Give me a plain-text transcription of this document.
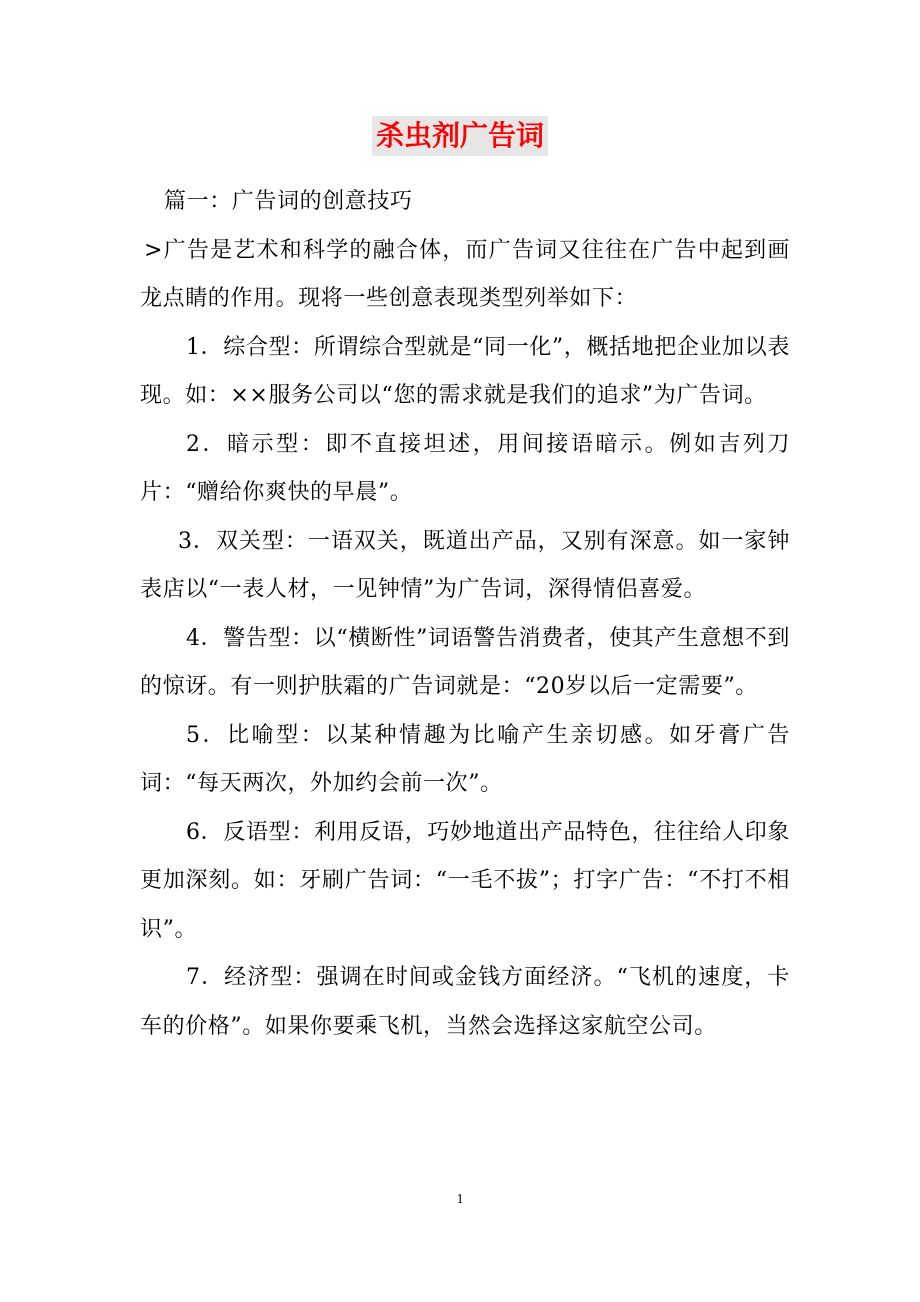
杀虫剂广告词

篇一：广告词的创意技巧

>广告是艺术和科学的融合体，而广告词又往往在广告中起到画龙点睛的作用。现将一些创意表现类型列举如下：

1．综合型：所谓综合型就是“同一化”，概括地把企业加以表现。如：××服务公司以“您的需求就是我们的追求”为广告词。

2．暗示型：即不直接坦述，用间接语暗示。例如吉列刀片：“赠给你爽快的早晨”。

3．双关型：一语双关，既道出产品，又别有深意。如一家钟表店以“一表人材，一见钟情”为广告词，深得情侣喜爱。

4．警告型：以“横断性”词语警告消费者，使其产生意想不到的惊讶。有一则护肤霜的广告词就是：“20岁以后一定需要”。

5．比喻型：以某种情趣为比喻产生亲切感。如牙膏广告词：“每天两次，外加约会前一次”。

6．反语型：利用反语，巧妙地道出产品特色，往往给人印象更加深刻。如：牙刷广告词：“一毛不拔”；打字广告：“不打不相识”。

7．经济型：强调在时间或金钱方面经济。“飞机的速度，卡车的价格”。如果你要乘飞机，当然会选择这家航空公司。

1
